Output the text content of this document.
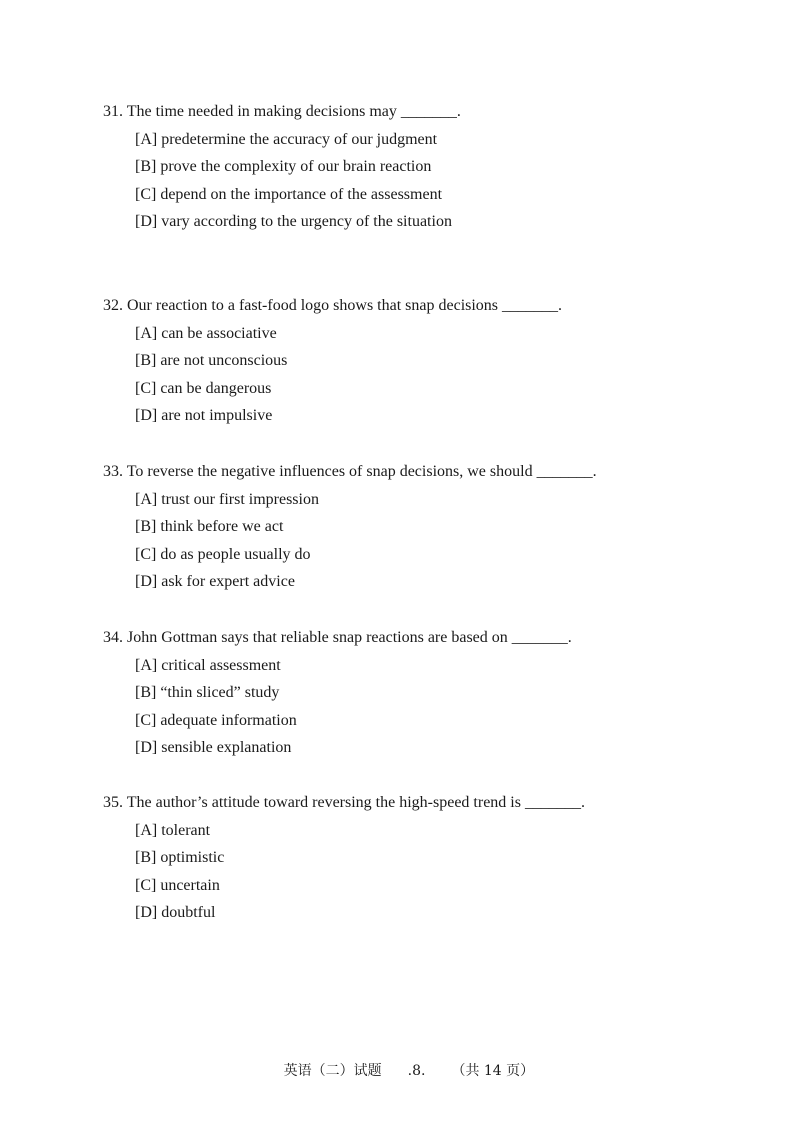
31. The time needed in making decisions may _______.

[A] predetermine the accuracy of our judgment
[B] prove the complexity of our brain reaction
[C] depend on the importance of the assessment
[D] vary according to the urgency of the situation

32. Our reaction to a fast-food logo shows that snap decisions _______.

[A] can be associative
[B] are not unconscious
[C] can be dangerous
[D] are not impulsive

33. To reverse the negative influences of snap decisions, we should _______.

[A] trust our first impression
[B] think before we act
[C] do as people usually do
[D] ask for expert advice

34. John Gottman says that reliable snap reactions are based on _______.

[A] critical assessment
[B] “thin sliced” study
[C] adequate information
[D] sensible explanation

35. The author’s attitude toward reversing the high-speed trend is _______.

[A] tolerant
[B] optimistic
[C] uncertain
[D] doubtful

英语（二）试题 .8. （共 14 页）
